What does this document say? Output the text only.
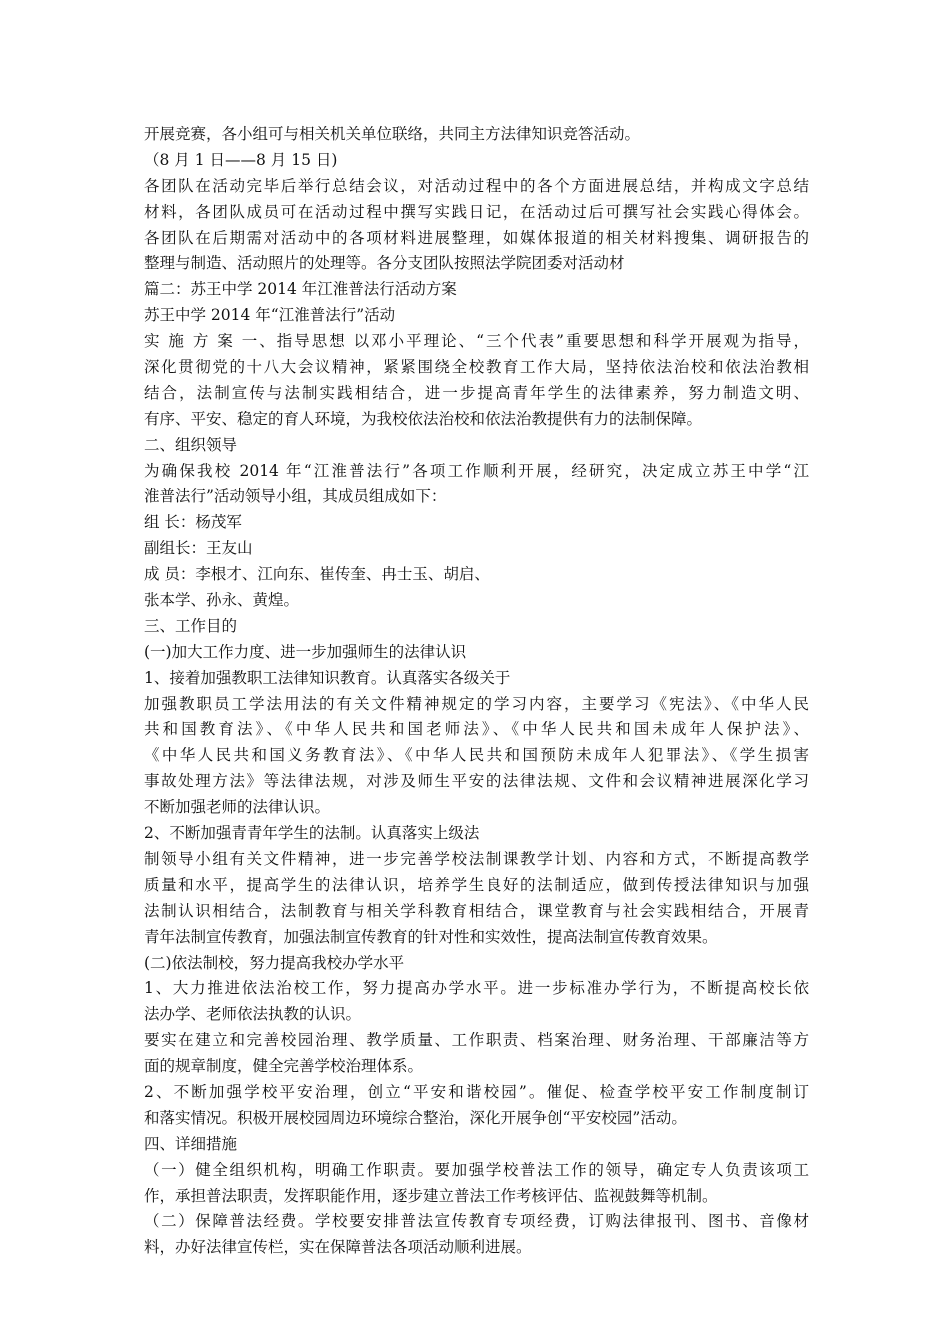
开展竞赛，各小组可与相关机关单位联络，共同主方法律知识竞答活动。
（8 月 1 日——8 月 15 日)
各团队在活动完毕后举行总结会议，对活动过程中的各个方面进展总结，并构成文字总结
材料，各团队成员可在活动过程中撰写实践日记，在活动过后可撰写社会实践心得体会。
各团队在后期需对活动中的各项材料进展整理，如媒体报道的相关材料搜集、调研报告的
整理与制造、活动照片的处理等。各分支团队按照法学院团委对活动材
篇二：苏王中学 2014 年江淮普法行活动方案
苏王中学 2014 年“江淮普法行”活动
实 施 方 案 一、指导思想 以邓小平理论、“三个代表”重要思想和科学开展观为指导，
深化贯彻党的十八大会议精神，紧紧围绕全校教育工作大局，坚持依法治校和依法治教相
结合，法制宣传与法制实践相结合，进一步提高青年学生的法律素养，努力制造文明、
有序、平安、稳定的育人环境，为我校依法治校和依法治教提供有力的法制保障。
二、组织领导
为确保我校 2014 年“江淮普法行”各项工作顺利开展，经研究，决定成立苏王中学“江
淮普法行”活动领导小组，其成员组成如下：
组 长：杨茂军
副组长：王友山
成 员：李根才、江向东、崔传奎、冉士玉、胡启、
张本学、孙永、黄煌。
三、工作目的
(一)加大工作力度、进一步加强师生的法律认识
1、接着加强教职工法律知识教育。认真落实各级关于
加强教职员工学法用法的有关文件精神规定的学习内容，主要学习《宪法》、《中华人民
共和国教育法》、《中华人民共和国老师法》、《中华人民共和国未成年人保护法》、
《中华人民共和国义务教育法》、《中华人民共和国预防未成年人犯罪法》、《学生损害
事故处理方法》等法律法规，对涉及师生平安的法律法规、文件和会议精神进展深化学习
不断加强老师的法律认识。
2、不断加强青青年学生的法制。认真落实上级法
制领导小组有关文件精神，进一步完善学校法制课教学计划、内容和方式，不断提高教学
质量和水平，提高学生的法律认识，培养学生良好的法制适应，做到传授法律知识与加强
法制认识相结合，法制教育与相关学科教育相结合，课堂教育与社会实践相结合，开展青
青年法制宣传教育，加强法制宣传教育的针对性和实效性，提高法制宣传教育效果。
(二)依法制校，努力提高我校办学水平
1、大力推进依法治校工作，努力提高办学水平。进一步标准办学行为，不断提高校长依
法办学、老师依法执教的认识。
要实在建立和完善校园治理、教学质量、工作职责、档案治理、财务治理、干部廉洁等方
面的规章制度，健全完善学校治理体系。
2、不断加强学校平安治理，创立“平安和谐校园”。催促、检查学校平安工作制度制订
和落实情况。积极开展校园周边环境综合整治，深化开展争创“平安校园”活动。
四、详细措施
（一）健全组织机构，明确工作职责。要加强学校普法工作的领导，确定专人负责该项工
作，承担普法职责，发挥职能作用，逐步建立普法工作考核评估、监视鼓舞等机制。
（二）保障普法经费。学校要安排普法宣传教育专项经费，订购法律报刊、图书、音像材
料，办好法律宣传栏，实在保障普法各项活动顺利进展。
